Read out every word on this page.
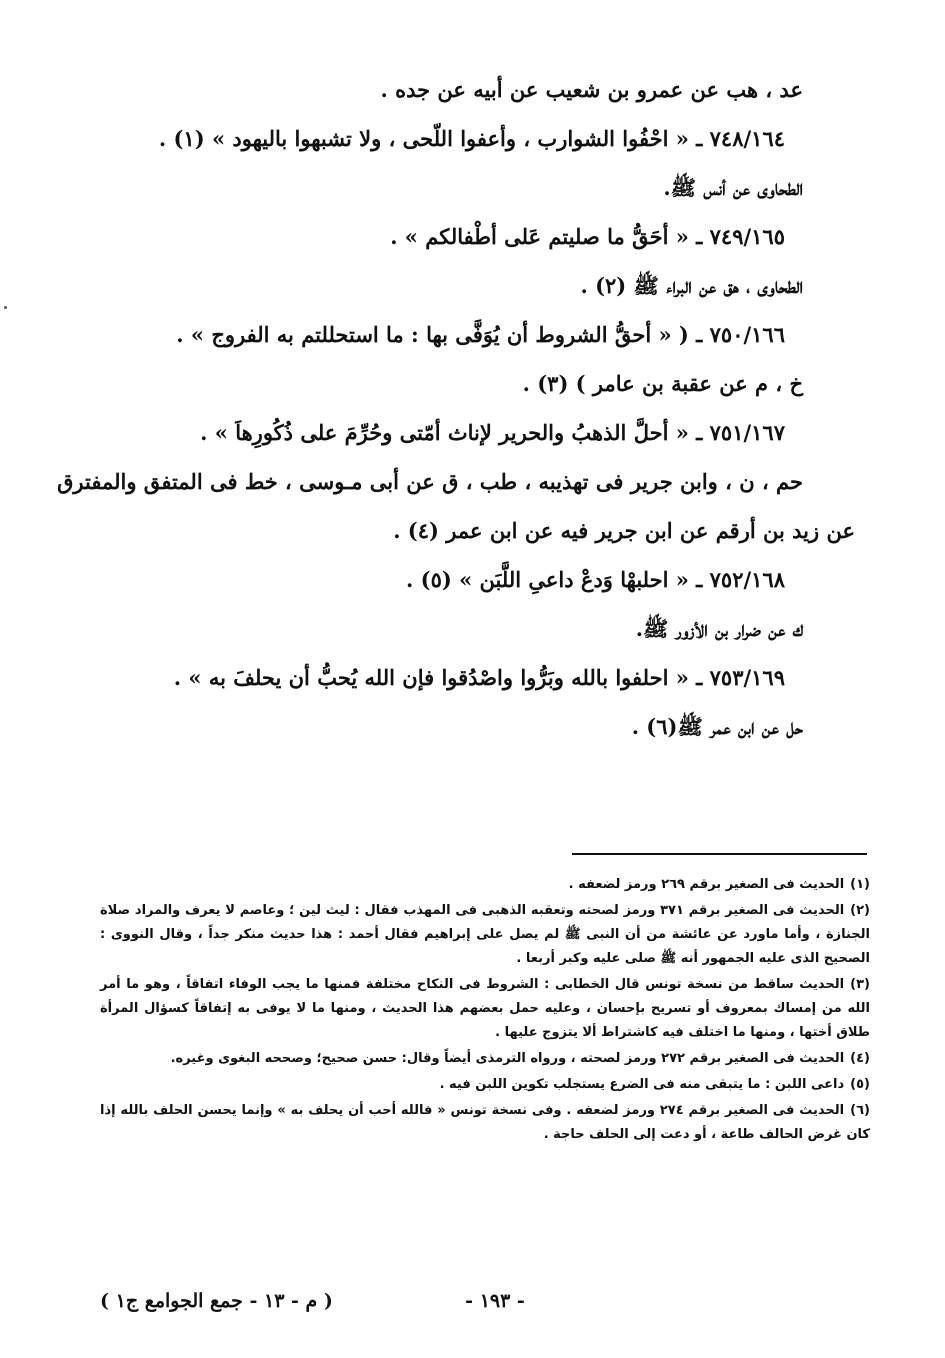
عد ، هب عن عمرو بن شعيب عن أبيه عن جده .
٧٤٨/١٦٤ ـ « احْفُوا الشوارب ، وأعفوا اللّحى ، ولا تشبهوا باليهود » (١) .
الطحاوى عن أنس ﷺ.
٧٤٩/١٦٥ ـ « أحَقُّ ما صليتم عَلى أطْفالكم » .
الطحاوى ، هق عن البراء ﷺ (٢) .
٧٥٠/١٦٦ ـ ( « أحقُّ الشروط أن يُوَفَّى بها : ما استحللتم به الفروج » .
خ ، م عن عقبة بن عامر ) (٣) .
٧٥١/١٦٧ ـ « أحلَّ الذهبُ والحرير لإناث أمّتى وحُرِّمَ على ذُكُورِهاَ » .
حم ، ن ، وابن جرير فى تهذيبه ، طب ، ق عن أبى مـوسى ، خط فى المتفق والمفترق
عن زيد بن أرقم عن ابن جرير فيه عن ابن عمر (٤) .
٧٥٢/١٦٨ ـ « احلبهْا وَدعْ داعىِ اللَّبَن » (٥) .
ك عن ضرار بن الأزور ﷺ.
٧٥٣/١٦٩ ـ « احلفوا بالله وبَرُّوا واصْدُقوا فإن الله يُحبُّ أن يحلفَ به » .
حل عن ابن عمر ﷺ(٦) .
(١)الحديث فى الصغير برقم ٢٦٩ ورمز لضعفه .
(٢)الحديث فى الصغير برقم ٣٧١ ورمز لصحته وتعقبه الذهبى فى المهذب فقال : ليث لين ؛ وعاصم لا يعرف والمراد صلاة الجنازة ، وأما ماورد عن عائشة من أن النبى ﷺ لم يصل على إبراهيم فقال أحمد : هذا حديث منكر جداً ، وقال النووى : الصحيح الذى عليه الجمهور أنه ﷺ صلى عليه وكبر أربعا .
(٣)الحديث ساقط من نسخة تونس قال الخطابى : الشروط فى النكاح مختلفة فمنها ما يجب الوفاء اتفاقاً ، وهو ما أمر الله من إمساك بمعروف أو تسريح بإحسان ، وعليه حمل بعضهم هذا الحديث ، ومنها ما لا يوفى به إتفاقاً كسؤال المرأة طلاق أختها ، ومنها ما اختلف فيه كاشتراط ألا يتزوج عليها .
(٤)الحديث فى الصغير برقم ٢٧٢ ورمز لصحته ، ورواه الترمذى أيضاً وقال: حسن صحيح؛ وصححه البغوى وغيره.
(٥)داعى اللبن : ما يتبقى منه فى الضرع يستجلب تكوين اللبن فيه .
(٦)الحديث فى الصغير برقم ٢٧٤ ورمز لضعفه . وفى نسخة تونس « فالله أحب أن يحلف به » وإنما يحسن الحلف بالله إذا كان غرض الحالف طاعة ، أو دعت إلى الحلف حاجة .
- ١٩٣ -
( م - ١٣ - جمع الجوامع ج١ )
